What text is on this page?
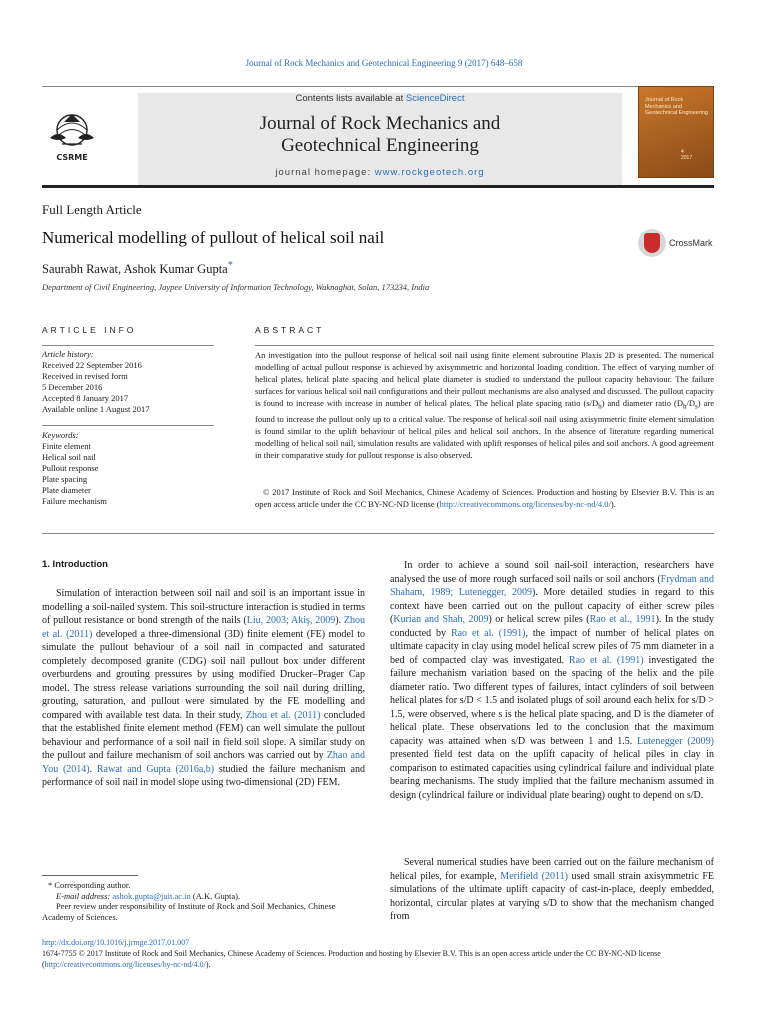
Journal of Rock Mechanics and Geotechnical Engineering 9 (2017) 648–658
Contents lists available at ScienceDirect
Journal of Rock Mechanics and
Geotechnical Engineering
journal homepage: www.rockgeotech.org
CSRME
Journal of Rock Mechanics and Geotechnical Engineering
4
2017
Full Length Article
Numerical modelling of pullout of helical soil nail	CrossMark
Saurabh Rawat, Ashok Kumar Gupta*
Department of Civil Engineering, Jaypee University of Information Technology, Waknaghat, Solan, 173234, India
ARTICLE INFO	ABSTRACT
Article history:
Received 22 September 2016
Received in revised form
5 December 2016
Accepted 8 January 2017
Available online 1 August 2017
Keywords:
Finite element
Helical soil nail
Pullout response
Plate spacing
Plate diameter
Failure mechanism
An investigation into the pullout response of helical soil nail using finite element subroutine Plaxis 2D is presented. The numerical modelling of actual pullout response is achieved by axisymmetric and horizontal loading condition. The effect of varying number of helical plates, helical plate spacing and helical plate diameter is studied to understand the pullout capacity behaviour. The failure surfaces for various helical soil nail configurations and their pullout mechanisms are also analysed and discussed. The pullout capacity is found to increase with increase in number of helical plates. The helical plate spacing ratio $(s/D_h)$ and diameter ratio $(D_h/D_s)$ are found to increase the pullout only up to a critical value. The response of helical soil nail using axisymmetric finite element simulation is found similar to the uplift behaviour of helical piles and helical soil anchors. In the absence of literature regarding numerical modelling of helical soil nail, simulation results are validated with uplift responses of helical piles and soil anchors. A good agreement in their comparative study for pullout response is also observed.
© 2017 Institute of Rock and Soil Mechanics, Chinese Academy of Sciences. Production and hosting by Elsevier B.V. This is an open access article under the CC BY-NC-ND license (http://creativecommons.org/licenses/by-nc-nd/4.0/).
1. Introduction
Simulation of interaction between soil nail and soil is an important issue in modelling a soil-nailed system. This soil-structure interaction is studied in terms of pullout resistance or bond strength of the nails (Liu, 2003; Akiş, 2009). Zhou et al. (2011) developed a three-dimensional (3D) finite element (FE) model to simulate the pullout behaviour of a soil nail in compacted and saturated completely decomposed granite (CDG) soil nail pullout box under different overburdens and grouting pressures by using modified Drucker–Prager Cap model. The stress release variations surrounding the soil nail during drilling, grouting, saturation, and pullout were simulated by the FE modelling and compared with available test data. In their study, Zhou et al. (2011) concluded that the established finite element method (FEM) can well simulate the pullout behaviour and performance of a soil nail in field soil slope. A similar study on the pullout and failure mechanism of soil anchors was carried out by Zhao and You (2014). Rawat and Gupta (2016a,b) studied the failure mechanism and performance of soil nail in model slope using two-dimensional (2D) FEM.
In order to achieve a sound soil nail-soil interaction, researchers have analysed the use of more rough surfaced soil nails or soil anchors (Frydman and Shaham, 1989; Lutenegger, 2009). More detailed studies in regard to this context have been carried out on the pullout capacity of either screw piles (Kurian and Shah, 2009) or helical screw piles (Rao et al., 1991). In the study conducted by Rao et al. (1991), the impact of number of helical plates on ultimate capacity in clay using model helical screw piles of 75 mm diameter in a bed of compacted clay was investigated. Rao et al. (1991) investigated the failure mechanism variation based on the spacing of the helix and the pile diameter ratio. Two different types of failures, intact cylinders of soil between helical plates for s/D < 1.5 and isolated plugs of soil around each helix for s/D > 1.5, were observed, where s is the helical plate spacing, and D is the diameter of helical plate. These observations led to the conclusion that the maximum capacity was attained when s/D was between 1 and 1.5. Lutenegger (2009) presented field test data on the uplift capacity of helical piles in clay in comparison to estimated capacities using cylindrical failure and individual plate bearing mechanisms. The study implied that the failure mechanism assumed in design (cylindrical failure or individual plate bearing) ought to depend on s/D.
Several numerical studies have been carried out on the failure mechanism of helical piles, for example, Merifield (2011) used small strain axisymmetric FE simulations of the ultimate uplift capacity of cast-in-place, deeply embedded, horizontal, circular plates at varying s/D to show that the mechanism changed from
* Corresponding author.
E-mail address: ashok.gupta@juit.ac.in (A.K. Gupta).
Peer review under responsibility of Institute of Rock and Soil Mechanics, Chinese Academy of Sciences.
http://dx.doi.org/10.1016/j.jrmge.2017.01.007
1674-7755 © 2017 Institute of Rock and Soil Mechanics, Chinese Academy of Sciences. Production and hosting by Elsevier B.V. This is an open access article under the CC BY-NC-ND license (http://creativecommons.org/licenses/by-nc-nd/4.0/).
